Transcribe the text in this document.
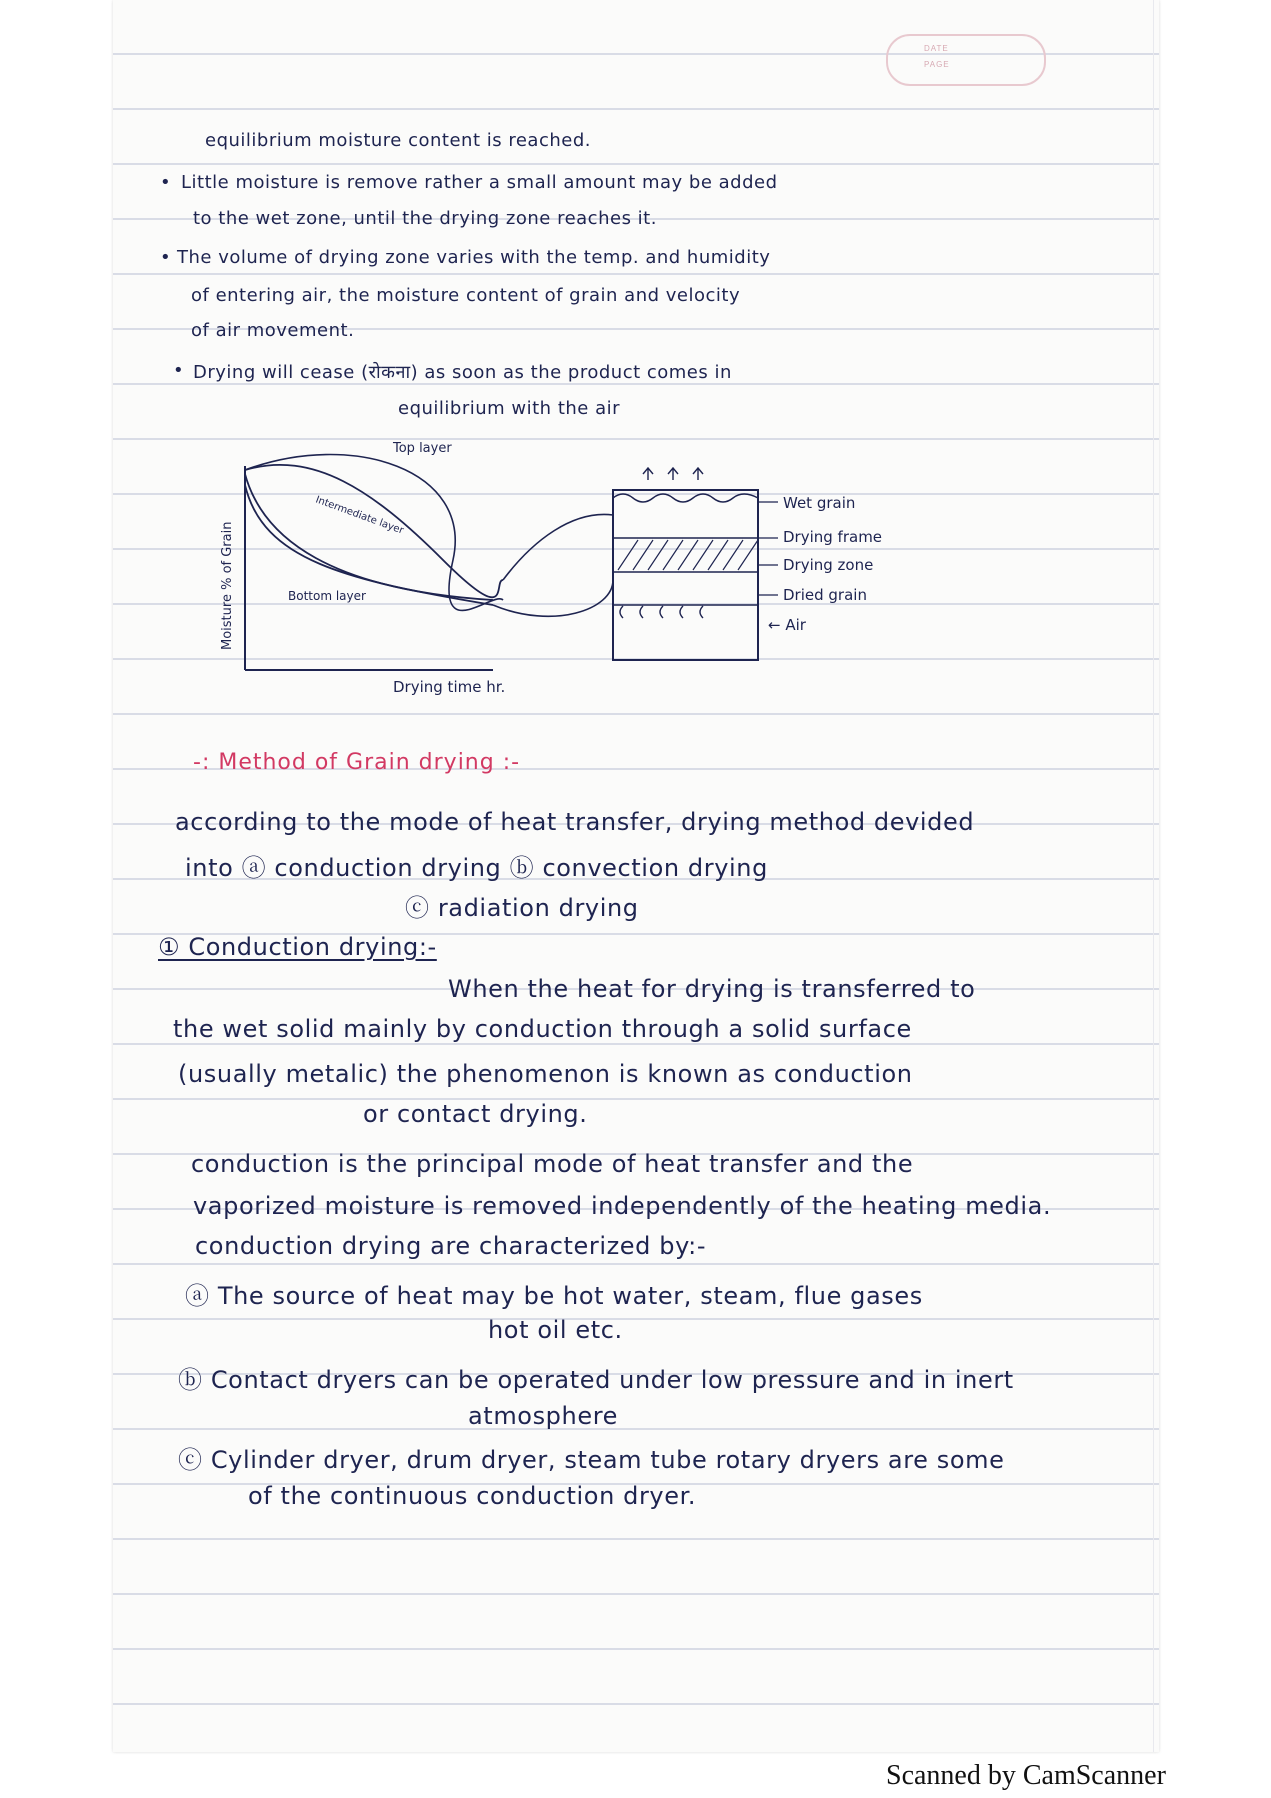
DATE
PAGE
equilibrium moisture content is reached.
• Little moisture is remove rather a small amount may be added
to the wet zone, until the drying zone reaches it.
• The volume of drying zone varies with the temp. and humidity
of entering air, the moisture content of grain and velocity
of air movement.
• Drying will cease (रोकना) as soon as the product comes in
equilibrium with the air
Moisture % of Grain
Top layer
Intermediate layer
Bottom layer
Drying time hr.
Wet grain
Drying frame
Drying zone
Dried grain
← Air
-: Method of Grain drying :-
according to the mode of heat transfer, drying method devided
into ⓐ conduction drying ⓑ convection drying
ⓒ radiation drying
① Conduction drying:-
When the heat for drying is transferred to
the wet solid mainly by conduction through a solid surface
(usually metalic) the phenomenon is known as conduction
or contact drying.
conduction is the principal mode of heat transfer and the
vaporized moisture is removed independently of the heating media.
conduction drying are characterized by:-
ⓐ The source of heat may be hot water, steam, flue gases
hot oil etc.
ⓑ Contact dryers can be operated under low pressure and in inert
atmosphere
ⓒ Cylinder dryer, drum dryer, steam tube rotary dryers are some
of the continuous conduction dryer.
Scanned by CamScanner
